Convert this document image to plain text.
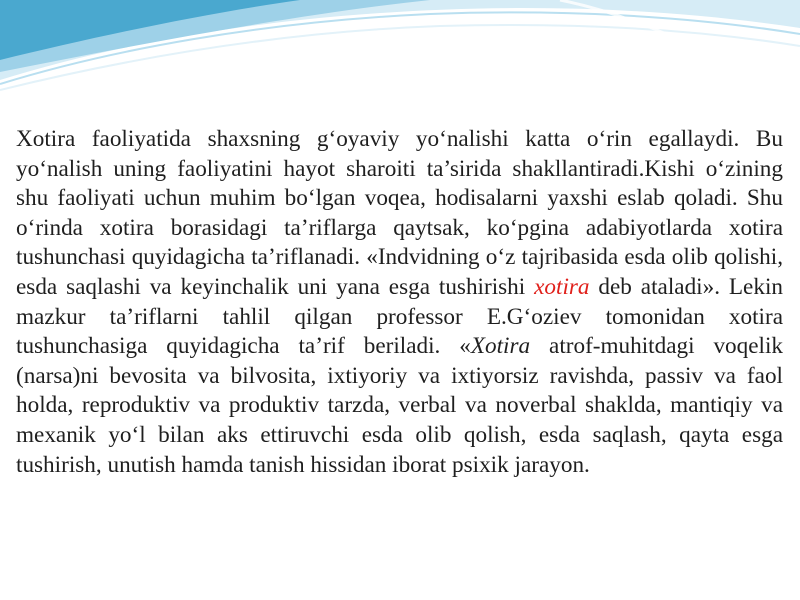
Xotira faoliyatida shaxsning g‘oyaviy yo‘nalishi katta o‘rin egallaydi. Bu yo‘nalish uning faoliyatini hayot sharoiti ta’sirida shakllantiradi.Kishi o‘zining shu faoliyati uchun muhim bo‘lgan voqea, hodisalarni yaxshi eslab qoladi. Shu o‘rinda xotira borasidagi ta’riflarga qaytsak, ko‘pgina adabiyotlarda xotira tushunchasi quyidagicha ta’riflanadi. «Indvidning o‘z tajribasida esda olib qolishi, esda saqlashi va keyinchalik uni yana esga tushirishi xotira deb ataladi». Lekin mazkur ta’riflarni tahlil qilgan professor E.G‘oziev tomonidan xotira tushunchasiga quyidagicha ta’rif beriladi. «Xotira atrof-muhitdagi voqelik (narsa)ni bevosita va bilvosita, ixtiyoriy va ixtiyorsiz ravishda, passiv va faol holda, reproduktiv va produktiv tarzda, verbal va noverbal shaklda, mantiqiy va mexanik yo‘l bilan aks ettiruvchi esda olib qolish, esda saqlash, qayta esga tushirish, unutish hamda tanish hissidan iborat psixik jarayon.
